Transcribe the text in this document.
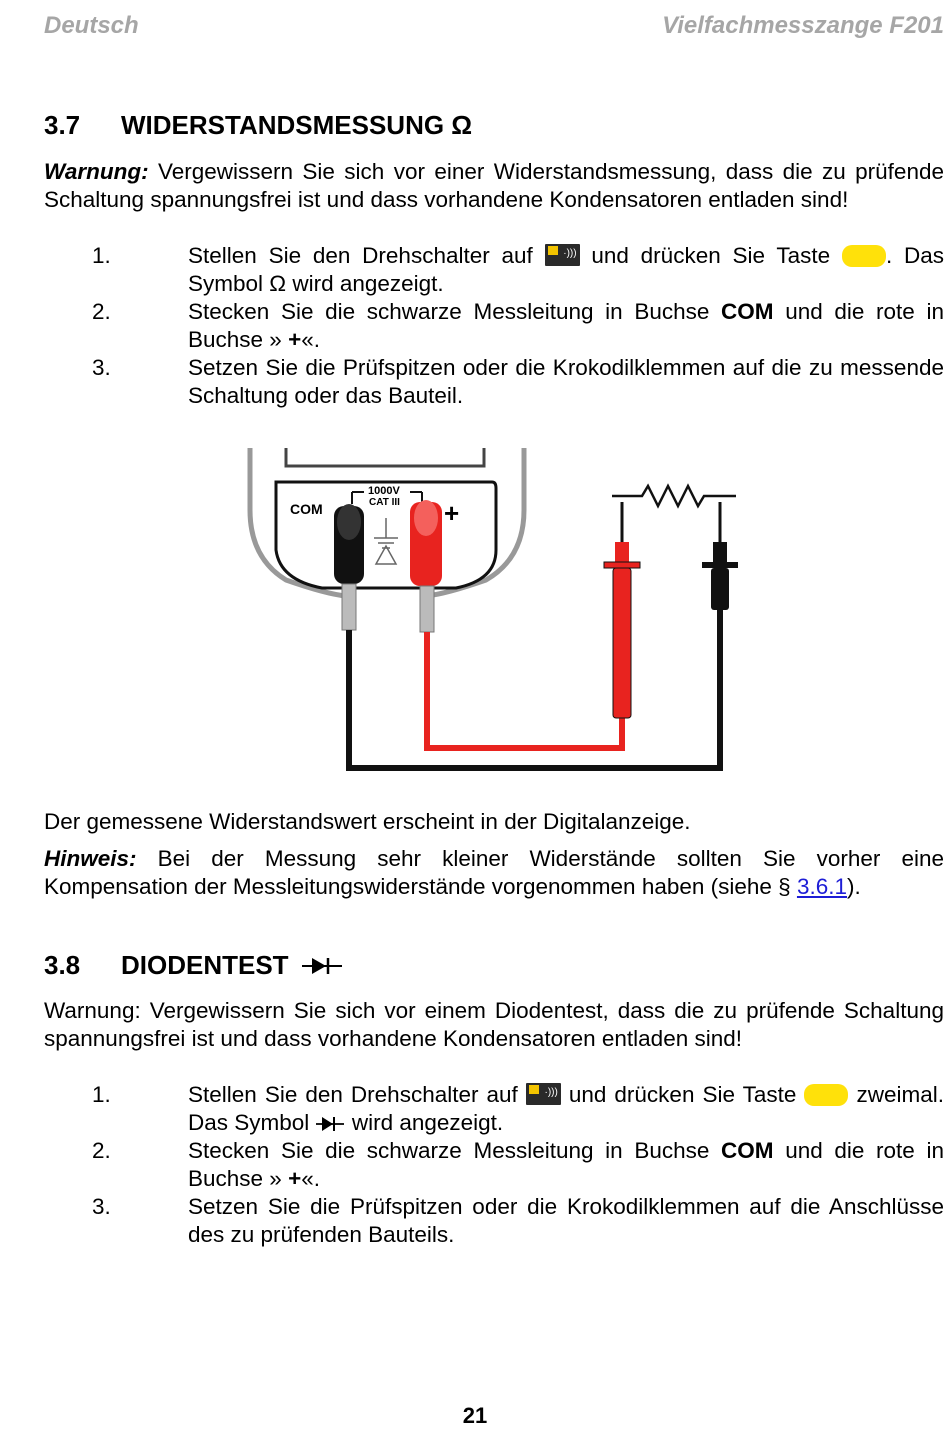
Deutsch	Vielfachmesszange F201
3.7 WIDERSTANDSMESSUNG Ω
Warnung: Vergewissern Sie sich vor einer Widerstandsmessung, dass die zu prüfende Schaltung spannungsfrei ist und dass vorhandene Kondensatoren entladen sind!
1.	Stellen Sie den Drehschalter auf	·))) und drücken Sie Taste . Das Symbol Ω wird angezeigt.
2.	Stecken Sie die schwarze Messleitung in Buchse COM und die rote in Buchse » +«.
3.	Setzen Sie die Prüfspitzen oder die Krokodilklemmen auf die zu messende Schaltung oder das Bauteil.
COM
1000V
CAT III +
Der gemessene Widerstandswert erscheint in der Digitalanzeige.
Hinweis: Bei der Messung sehr kleiner Widerstände sollten Sie vorher eine Kompensation der Messleitungswiderstände vorgenommen haben (siehe § 3.6.1).
3.8 DIODENTEST
Warnung: Vergewissern Sie sich vor einem Diodentest, dass die zu prüfende Schaltung spannungsfrei ist und dass vorhandene Kondensatoren entladen sind!
1.	Stellen Sie den Drehschalter auf	·))) und drücken Sie Taste	zweimal. Das Symbol wird angezeigt.
2.	Stecken Sie die schwarze Messleitung in Buchse COM und die rote in Buchse » +«.
3.	Setzen Sie die Prüfspitzen oder die Krokodilklemmen auf die Anschlüsse des zu prüfenden Bauteils.
21
